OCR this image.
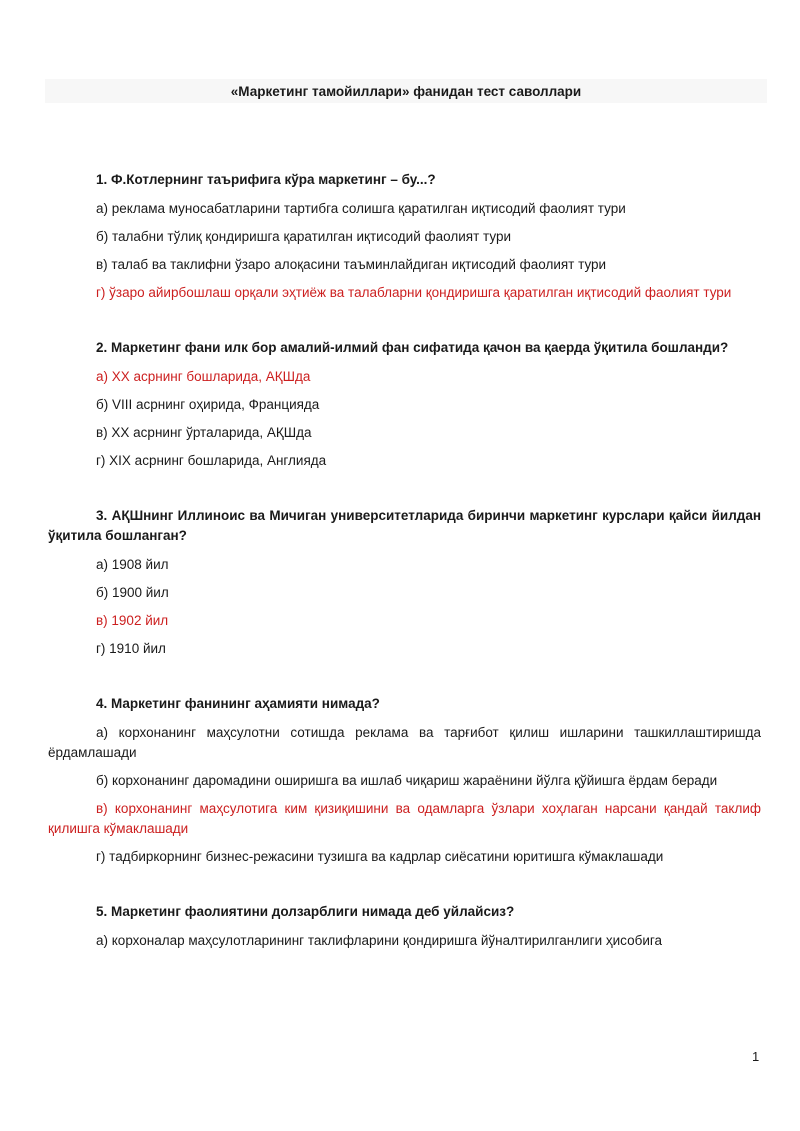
«Маркетинг тамойиллари» фанидан тест саволлари

1. Ф.Котлернинг таърифига кўра маркетинг – бу...?

а) реклама муносабатларини тартибга солишга қаратилган иқтисодий фаолият тури

б) талабни тўлиқ қондиришга қаратилган иқтисодий фаолият тури

в) талаб ва таклифни ўзаро алоқасини таъминлайдиган иқтисодий фаолият тури

г) ўзаро айирбошлаш орқали эҳтиёж ва талабларни қондиришга қаратилган иқтисодий фаолият тури

2. Маркетинг фани илк бор амалий-илмий фан сифатида қачон ва қаерда ўқитила бошланди?

а) XX асрнинг бошларида, АҚШда

б) VIII асрнинг оҳирида, Францияда

в) XX асрнинг ўрталарида, АҚШда

г) XIX асрнинг бошларида, Англияда

3. АҚШнинг Иллиноис ва Мичиган университетларида биринчи маркетинг курслари қайси йилдан ўқитила бошланган?

а) 1908 йил

б) 1900 йил

в) 1902 йил

г) 1910 йил

4. Маркетинг фанининг аҳамияти нимада?

а) корхонанинг маҳсулотни сотишда реклама ва тарғибот қилиш ишларини ташкиллаштиришда ёрдамлашади

б) корхонанинг даромадини оширишга ва ишлаб чиқариш жараёнини йўлга қўйишга ёрдам беради

в) корхонанинг маҳсулотига ким қизиқишини ва одамларга ўзлари хоҳлаган нарсани қандай таклиф қилишга кўмаклашади

г) тадбиркорнинг бизнес-режасини тузишга ва кадрлар сиёсатини юритишга кўмаклашади

5. Маркетинг фаолиятини долзарблиги нимада деб уйлайсиз?

а) корхоналар маҳсулотларининг таклифларини қондиришга йўналтирилганлиги ҳисобига

1
